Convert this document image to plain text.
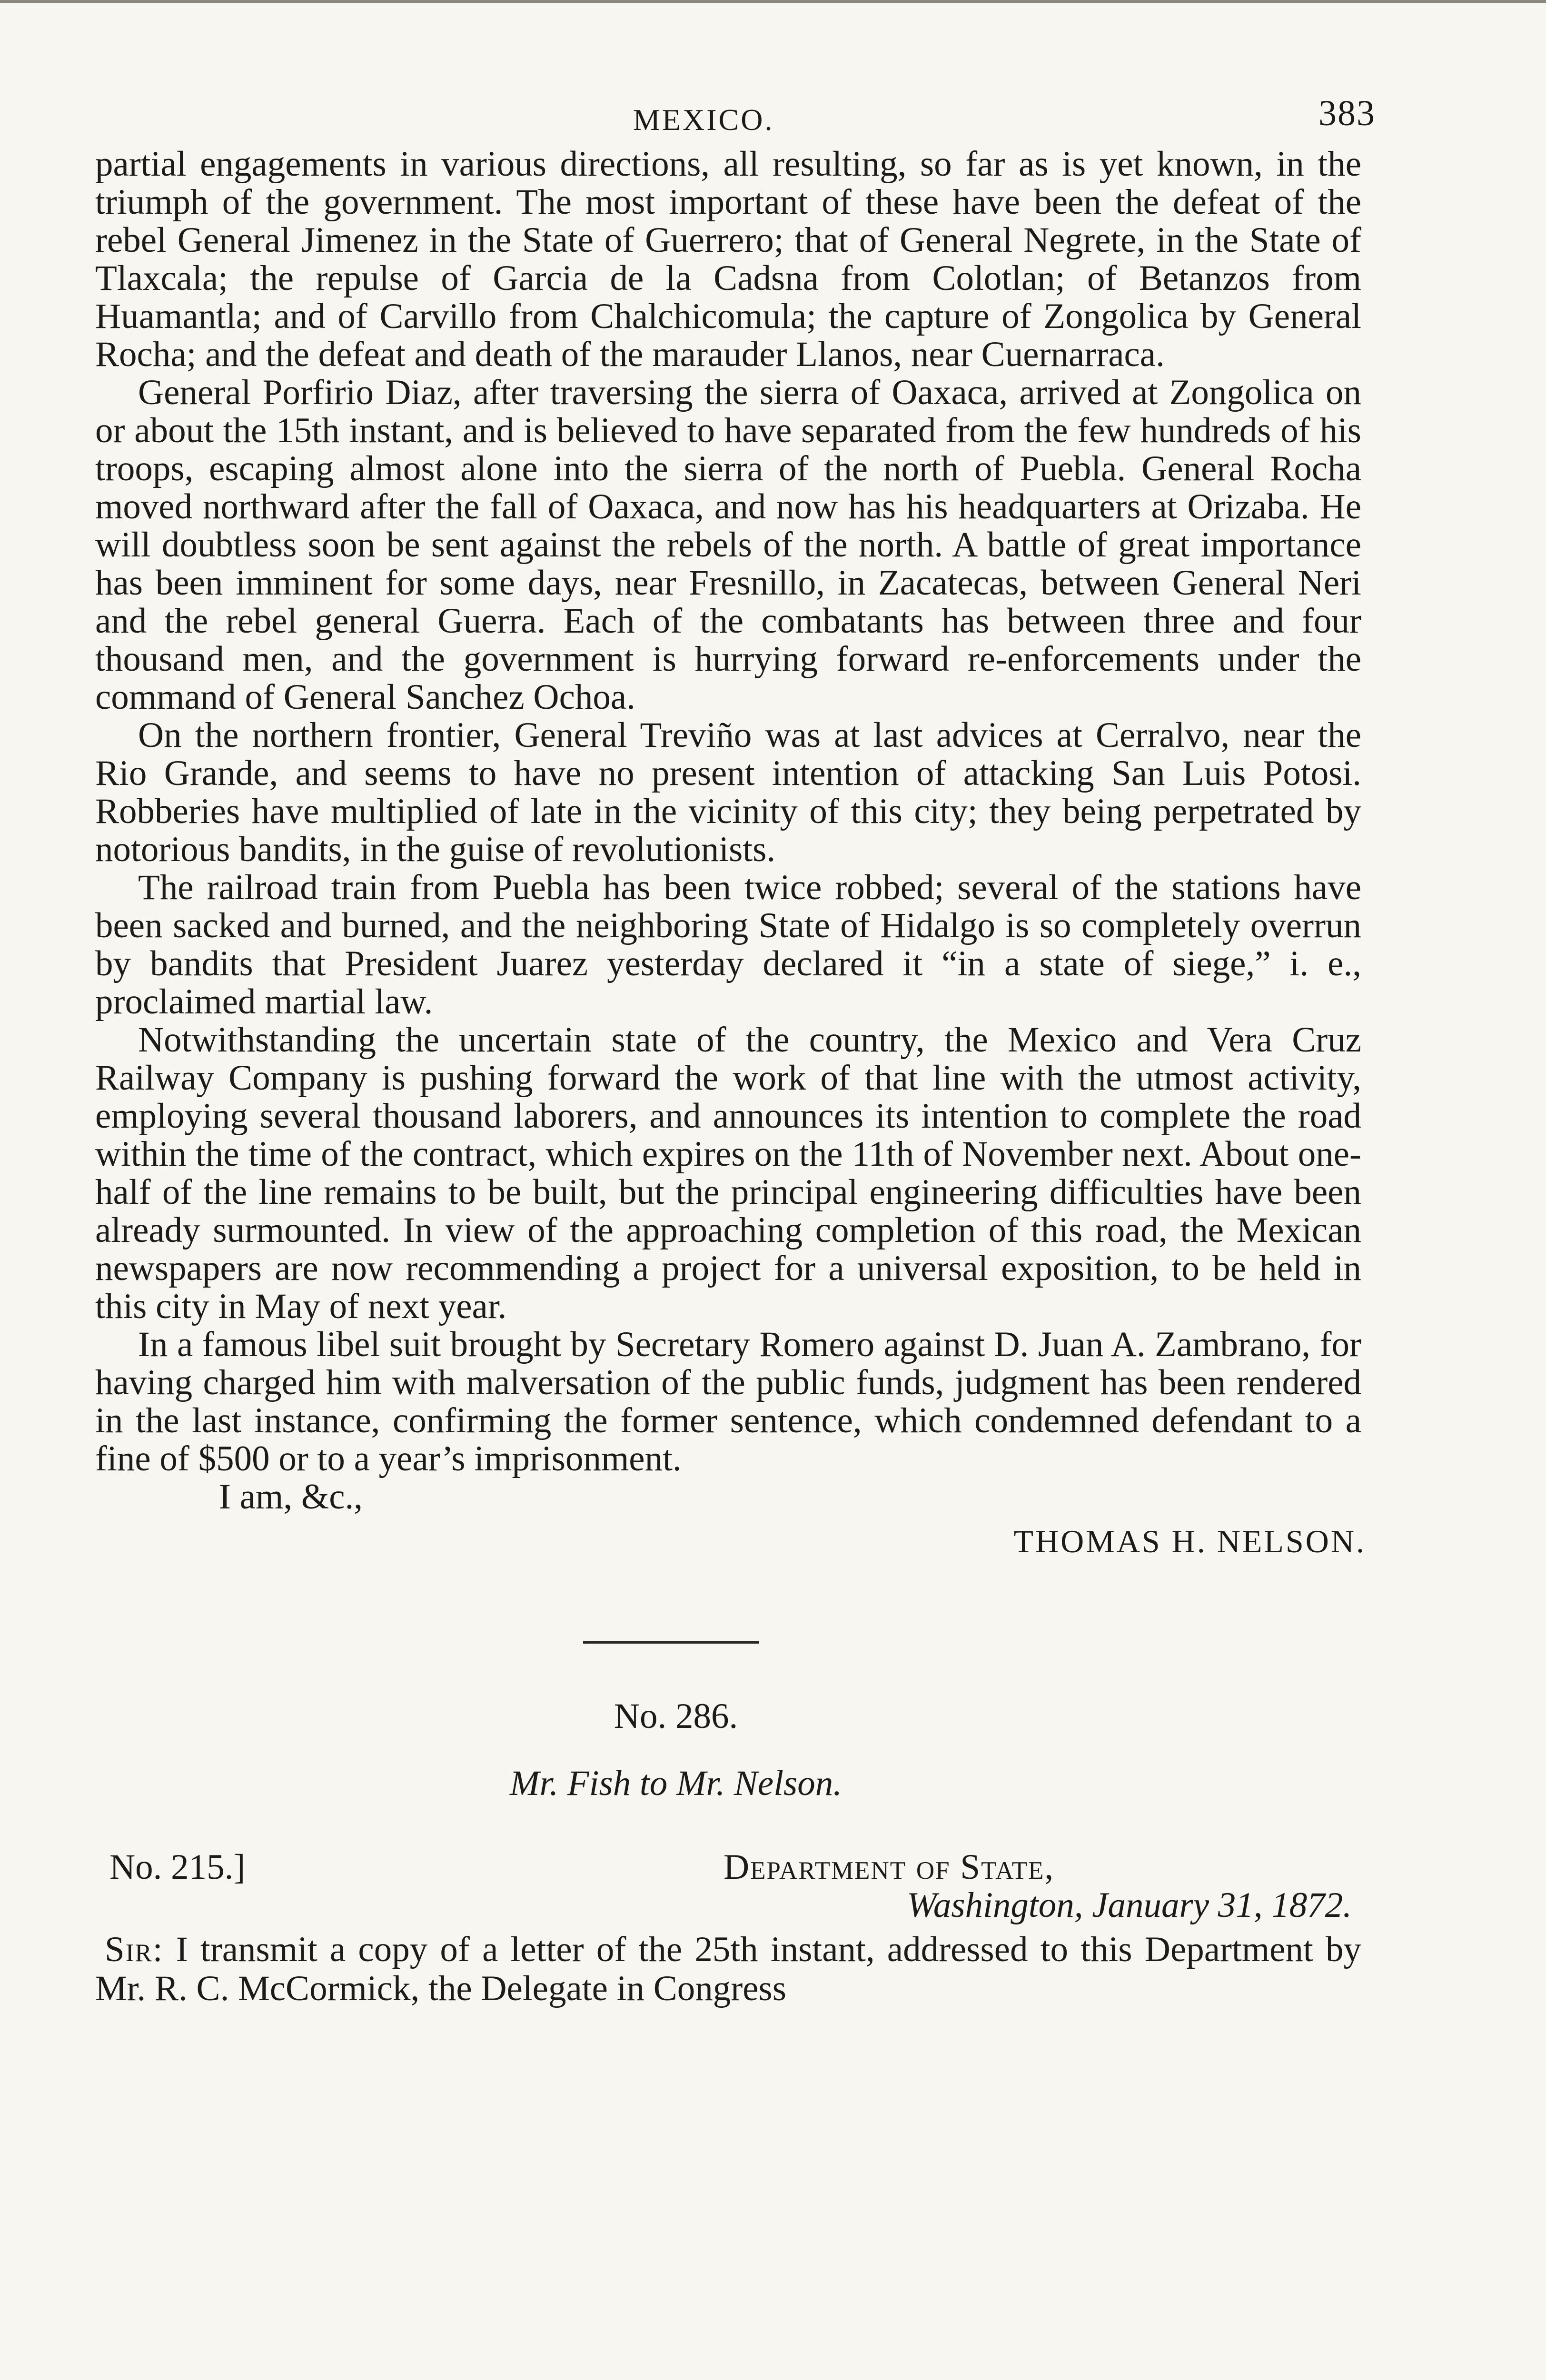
MEXICO.	383

partial engagements in various directions, all resulting, so far as is yet known, in the triumph of the government. The most important of these have been the defeat of the rebel General Jimenez in the State of Guerrero; that of General Negrete, in the State of Tlaxcala; the repulse of Garcia de la Cadsna from Colotlan; of Betanzos from Huamantla; and of Carvillo from Chalchicomula; the capture of Zongolica by General Rocha; and the defeat and death of the marauder Llanos, near Cuernarraca.

General Porfirio Diaz, after traversing the sierra of Oaxaca, arrived at Zongolica on or about the 15th instant, and is believed to have separated from the few hundreds of his troops, escaping almost alone into the sierra of the north of Puebla. General Rocha moved northward after the fall of Oaxaca, and now has his headquarters at Orizaba. He will doubtless soon be sent against the rebels of the north. A battle of great importance has been imminent for some days, near Fresnillo, in Zacatecas, between General Neri and the rebel general Guerra. Each of the combatants has between three and four thousand men, and the government is hurrying forward re-enforcements under the command of General Sanchez Ochoa.

On the northern frontier, General Treviño was at last advices at Cerralvo, near the Rio Grande, and seems to have no present intention of attacking San Luis Potosi. Robberies have multiplied of late in the vicinity of this city; they being perpetrated by notorious bandits, in the guise of revolutionists.

The railroad train from Puebla has been twice robbed; several of the stations have been sacked and burned, and the neighboring State of Hidalgo is so completely overrun by bandits that President Juarez yesterday declared it “in a state of siege,” i. e., proclaimed martial law.

Notwithstanding the uncertain state of the country, the Mexico and Vera Cruz Railway Company is pushing forward the work of that line with the utmost activity, employing several thousand laborers, and announces its intention to complete the road within the time of the contract, which expires on the 11th of November next. About one-half of the line remains to be built, but the principal engineering difficulties have been already surmounted. In view of the approaching completion of this road, the Mexican newspapers are now recommending a project for a universal exposition, to be held in this city in May of next year.

In a famous libel suit brought by Secretary Romero against D. Juan A. Zambrano, for having charged him with malversation of the public funds, judgment has been rendered in the last instance, confirming the former sentence, which condemned defendant to a fine of $500 or to a year’s imprisonment.

I am, &c.,
THOMAS H. NELSON.
No. 286.
Mr. Fish to Mr. Nelson.
No. 215.]	Department of State,
Washington, January 31, 1872.
Sir: I transmit a copy of a letter of the 25th instant, addressed to this Department by Mr. R. C. McCormick, the Delegate in Congress
